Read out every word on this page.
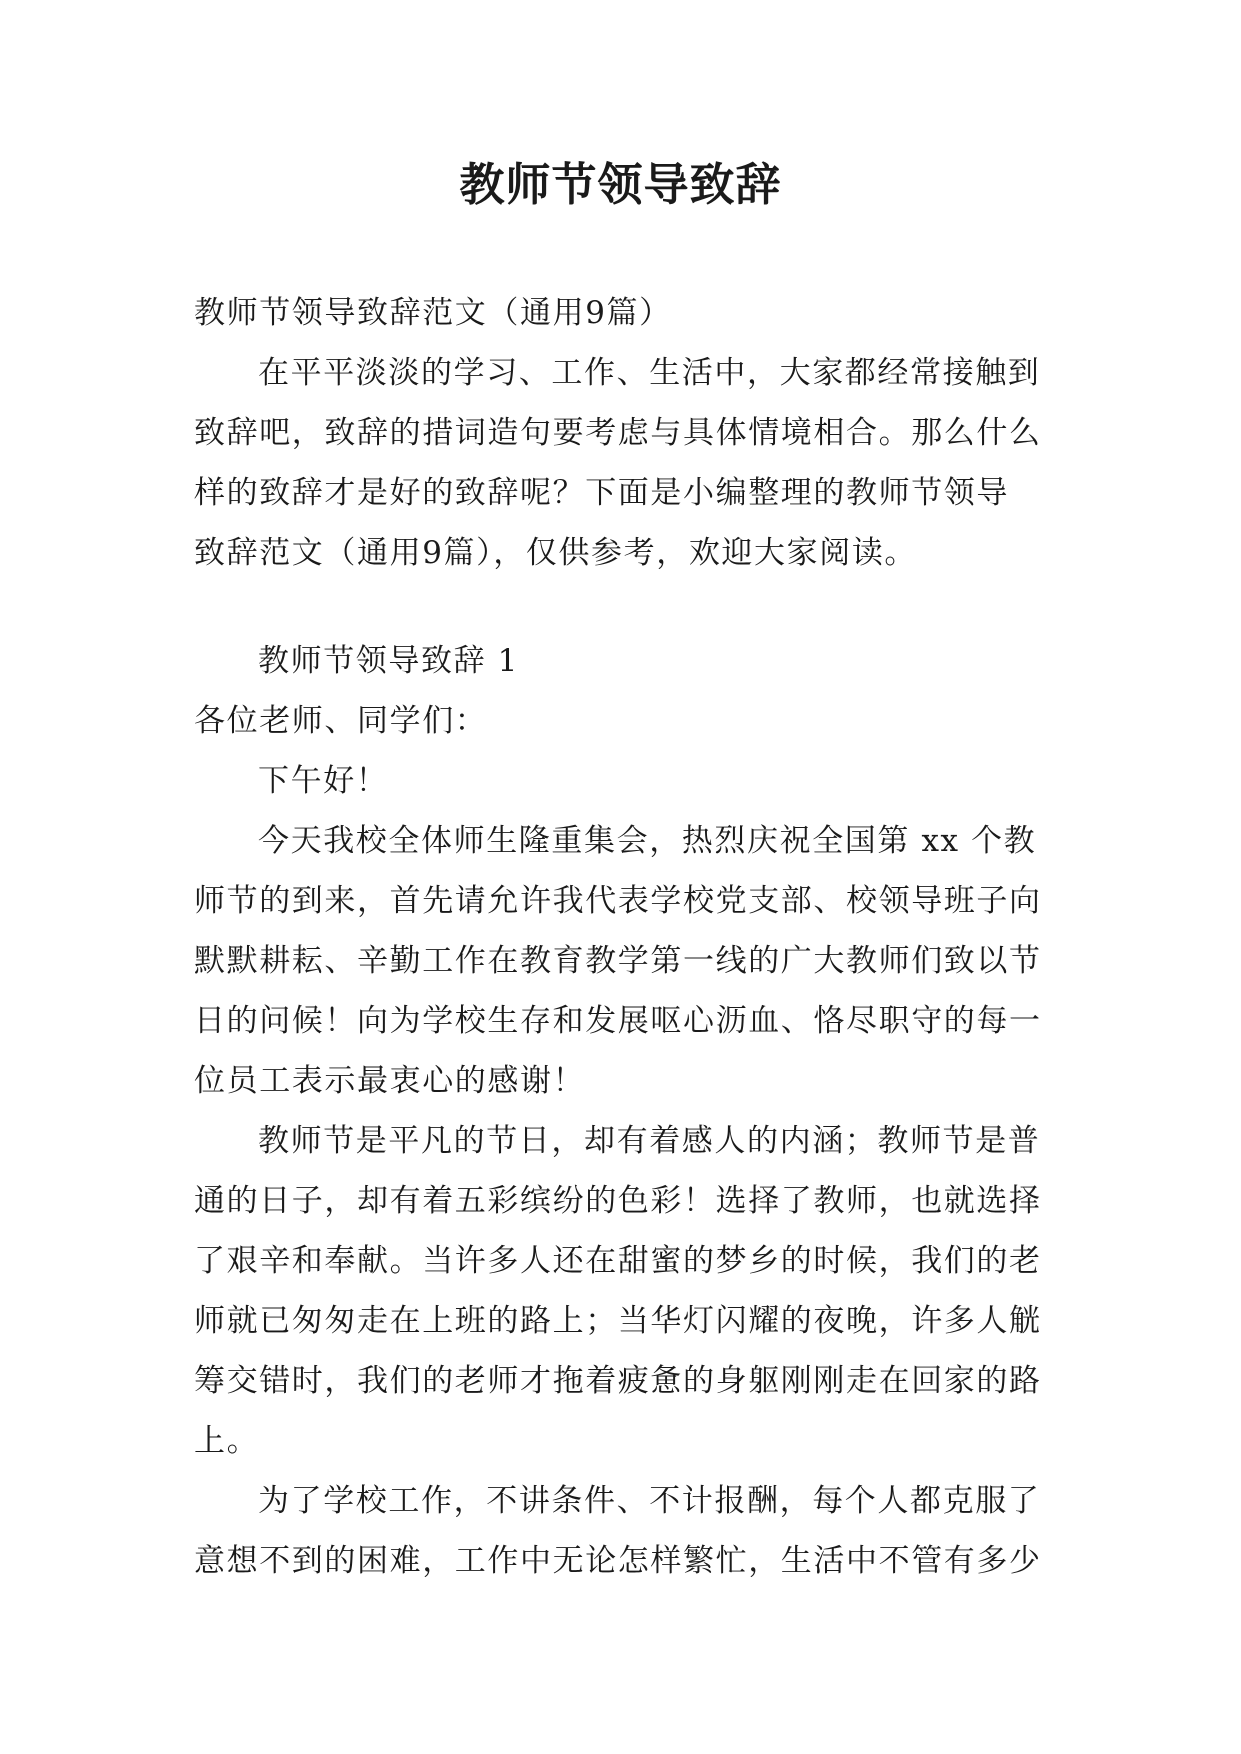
教师节领导致辞

教师节领导致辞范文（通用9篇）

在平平淡淡的学习、工作、生活中，大家都经常接触到

致辞吧，致辞的措词造句要考虑与具体情境相合。那么什么

样的致辞才是好的致辞呢？下面是小编整理的教师节领导

致辞范文（通用9篇），仅供参考，欢迎大家阅读。

教师节领导致辞 1

各位老师、同学们：

下午好！

今天我校全体师生隆重集会，热烈庆祝全国第 xx 个教

师节的到来，首先请允许我代表学校党支部、校领导班子向

默默耕耘、辛勤工作在教育教学第一线的广大教师们致以节

日的问候！向为学校生存和发展呕心沥血、恪尽职守的每一

位员工表示最衷心的感谢！

教师节是平凡的节日，却有着感人的内涵；教师节是普

通的日子，却有着五彩缤纷的色彩！选择了教师，也就选择

了艰辛和奉献。当许多人还在甜蜜的梦乡的时候，我们的老

师就已匆匆走在上班的路上；当华灯闪耀的夜晚，许多人觥

筹交错时，我们的老师才拖着疲惫的身躯刚刚走在回家的路

上。

为了学校工作，不讲条件、不计报酬，每个人都克服了

意想不到的困难，工作中无论怎样繁忙，生活中不管有多少
